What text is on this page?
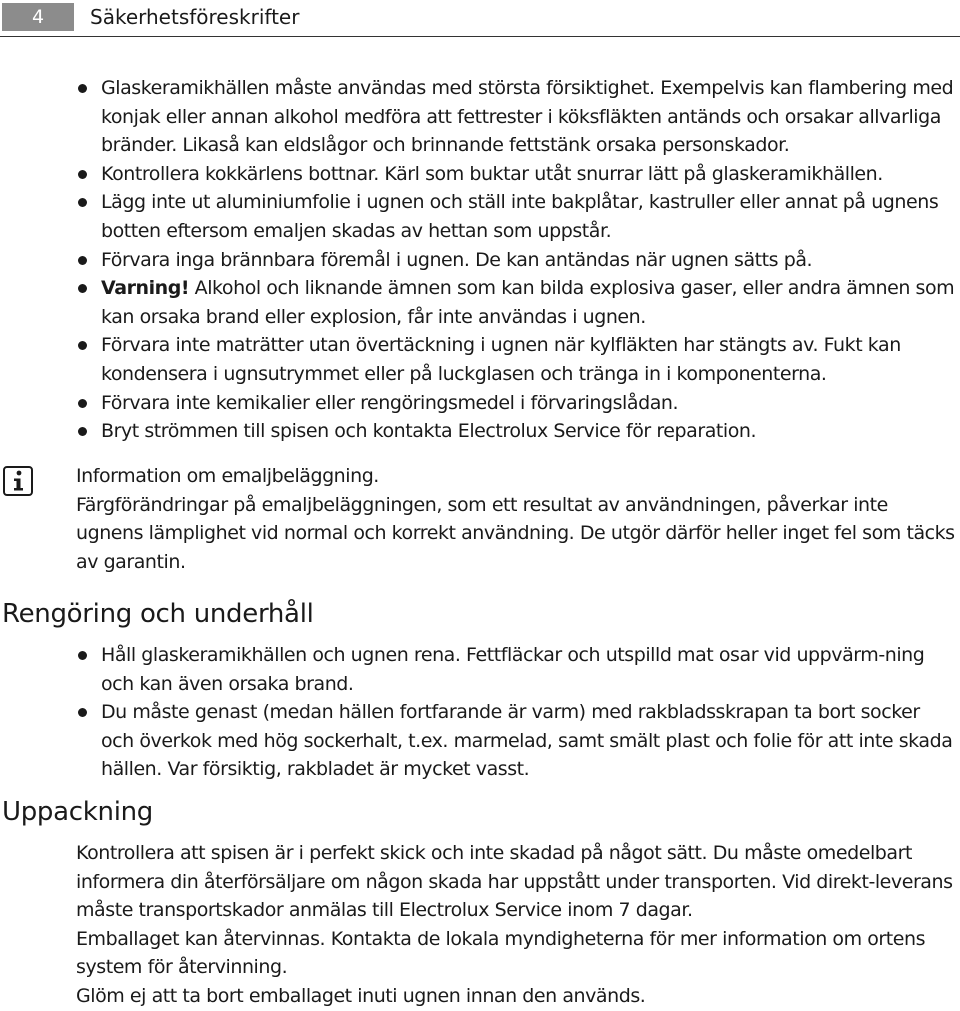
4	Säkerhetsföreskrifter
Glaskeramikhällen måste användas med största försiktighet. Exempelvis kan flambering med konjak eller annan alkohol medföra att fettrester i köksfläkten antänds och orsakar allvarliga bränder. Likaså kan eldslågor och brinnande fettstänk orsaka personskador.
Kontrollera kokkärlens bottnar. Kärl som buktar utåt snurrar lätt på glaskeramikhällen.
Lägg inte ut aluminiumfolie i ugnen och ställ inte bakplåtar, kastruller eller annat på ugnens botten eftersom emaljen skadas av hettan som uppstår.
Förvara inga brännbara föremål i ugnen. De kan antändas när ugnen sätts på.
Varning! Alkohol och liknande ämnen som kan bilda explosiva gaser, eller andra ämnen som kan orsaka brand eller explosion, får inte användas i ugnen.
Förvara inte maträtter utan övertäckning i ugnen när kylfläkten har stängts av. Fukt kan kondensera i ugnsutrymmet eller på luckglasen och tränga in i komponenterna.
Förvara inte kemikalier eller rengöringsmedel i förvaringslådan.
Bryt strömmen till spisen och kontakta Electrolux Service för reparation.

Information om emaljbeläggning.

Färgförändringar på emaljbeläggningen, som ett resultat av användningen, påverkar inte ugnens lämplighet vid normal och korrekt användning. De utgör därför heller inget fel som täcks av garantin.

Rengöring och underhåll
Håll glaskeramikhällen och ugnen rena. Fettfläckar och utspilld mat osar vid uppvärm-ning och kan även orsaka brand.
Du måste genast (medan hällen fortfarande är varm) med rakbladsskrapan ta bort socker och överkok med hög sockerhalt, t.ex. marmelad, samt smält plast och folie för att inte skada hällen. Var försiktig, rakbladet är mycket vasst.
Uppackning

Kontrollera att spisen är i perfekt skick och inte skadad på något sätt. Du måste omedelbart informera din återförsäljare om någon skada har uppstått under transporten. Vid direkt-leverans måste transportskador anmälas till Electrolux Service inom 7 dagar.

Emballaget kan återvinnas. Kontakta de lokala myndigheterna för mer information om ortens system för återvinning.

Glöm ej att ta bort emballaget inuti ugnen innan den används.
